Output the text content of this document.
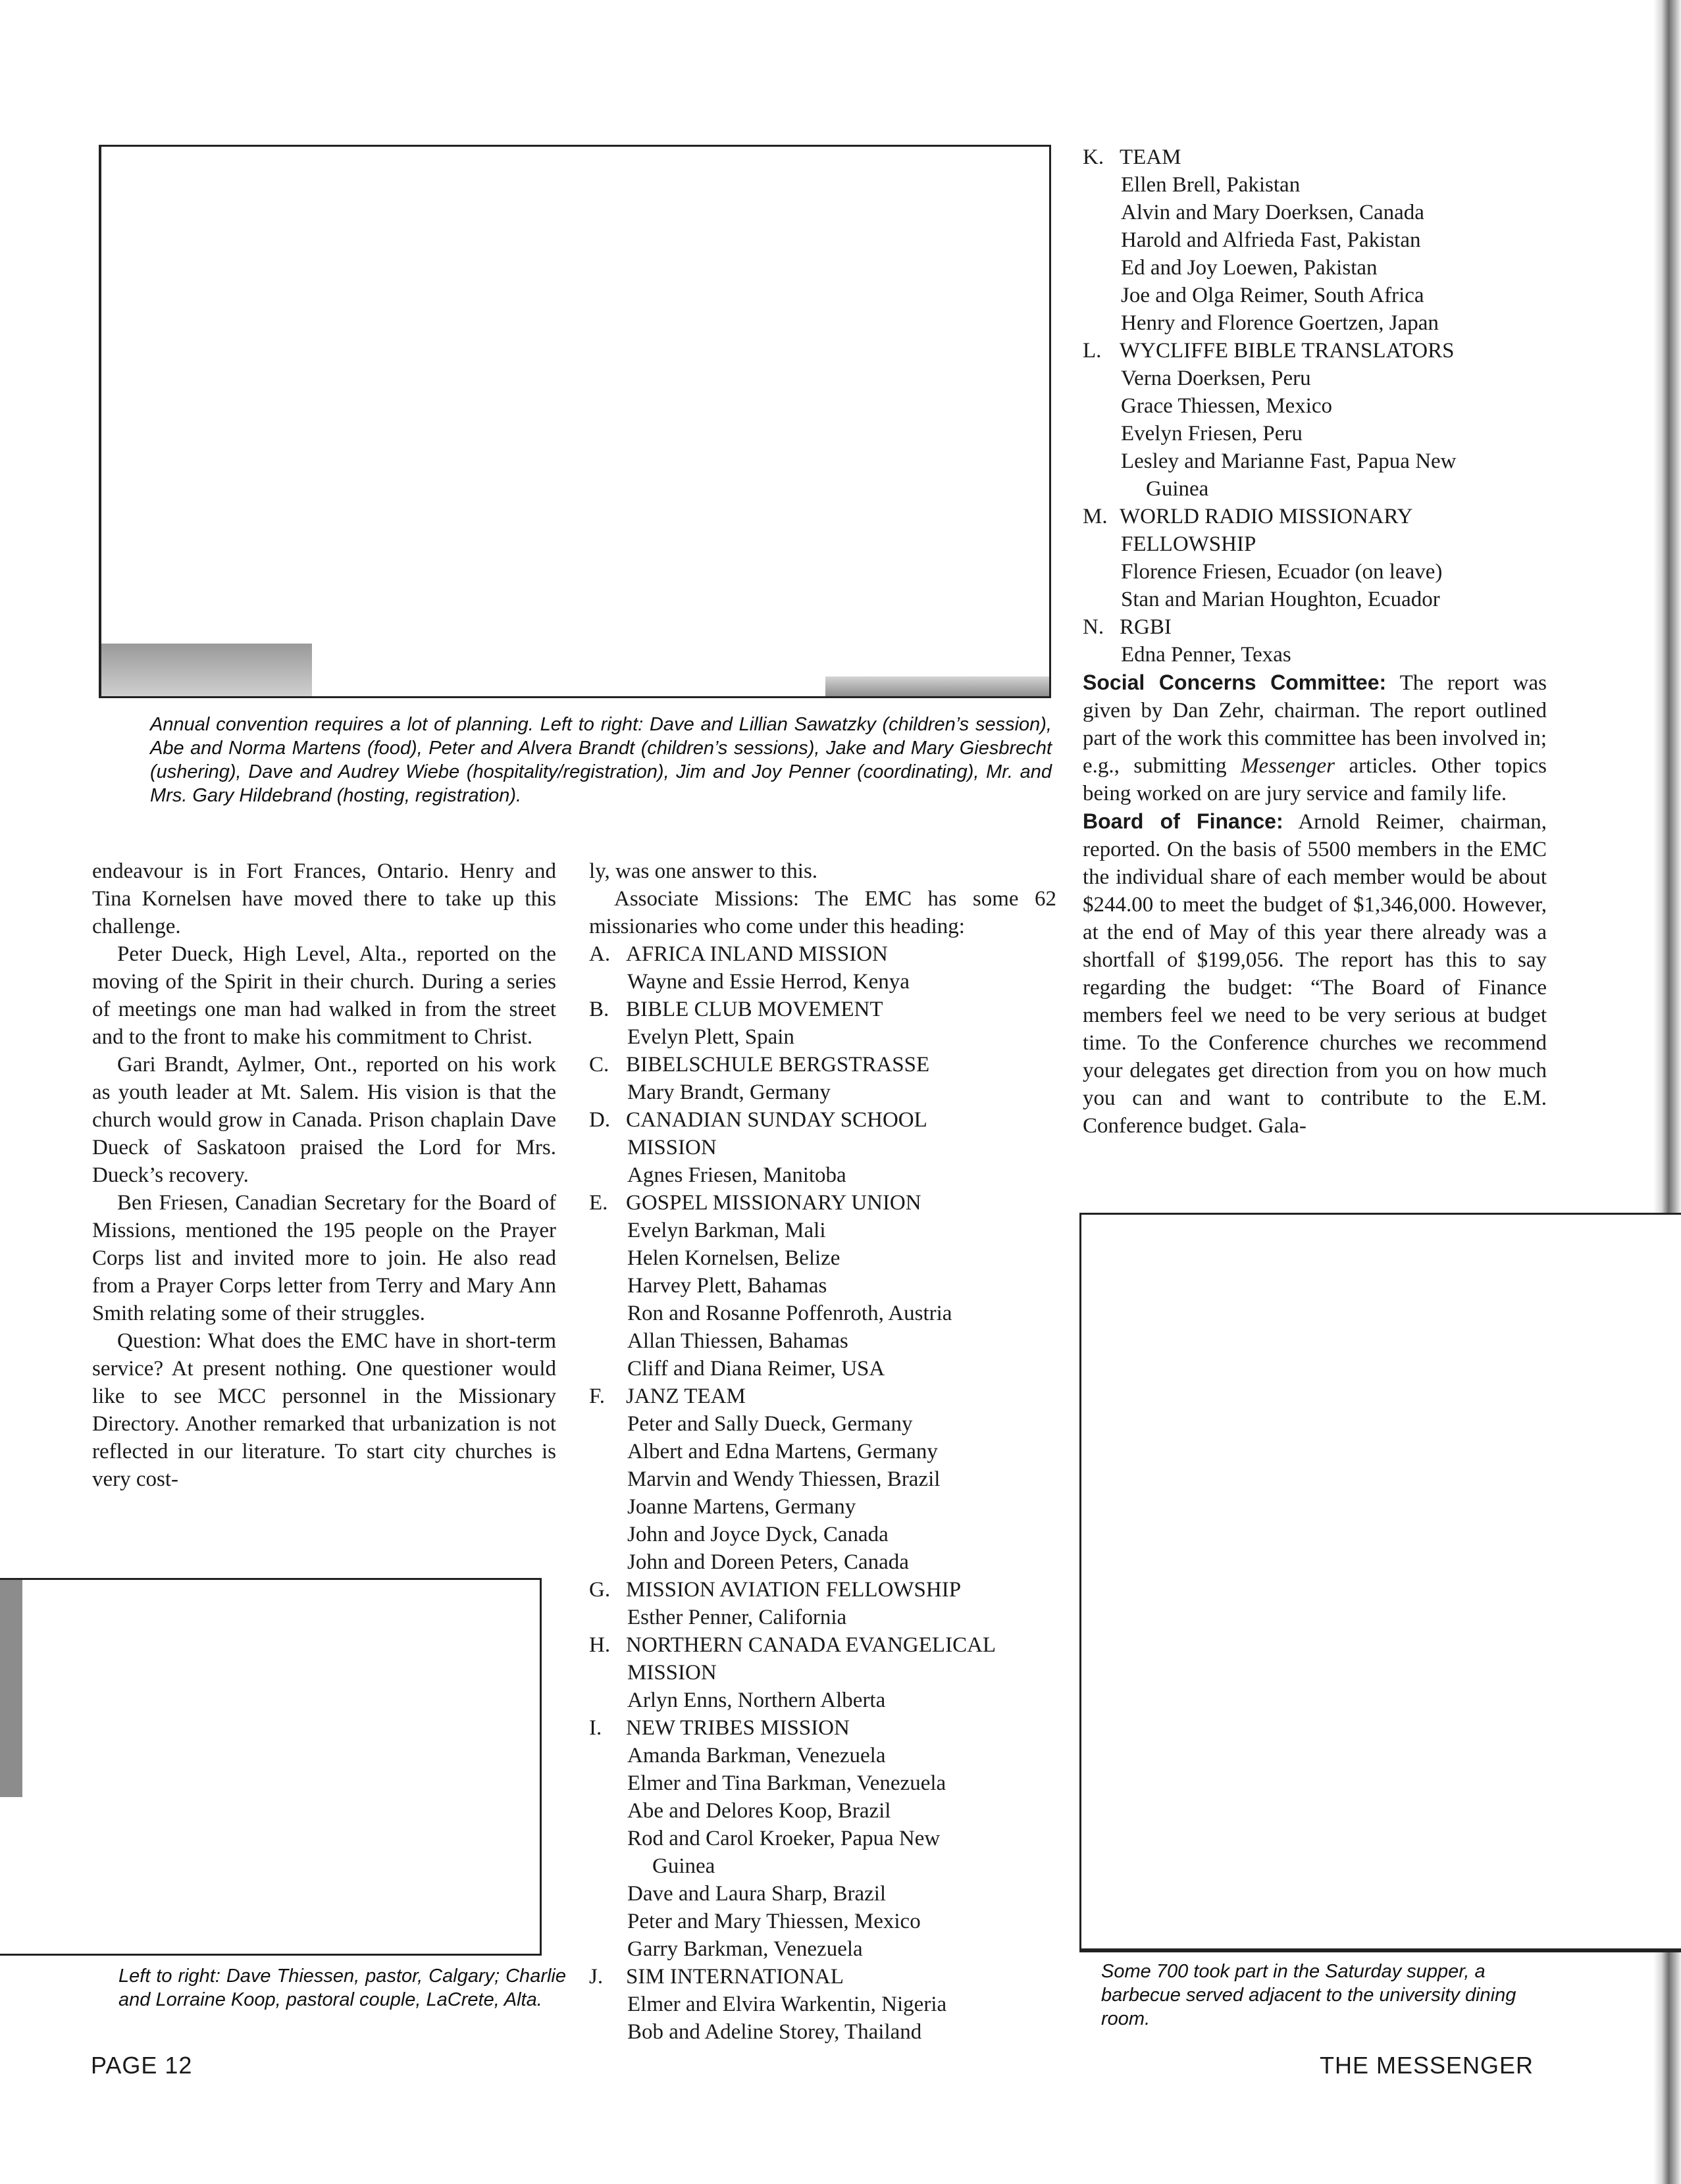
Annual convention requires a lot of planning. Left to right: Dave and Lillian Sawatzky (children’s session), Abe and Norma Martens (food), Peter and Alvera Brandt (children’s sessions), Jake and Mary Giesbrecht (ushering), Dave and Audrey Wiebe (hospitality/registration), Jim and Joy Penner (coordinating), Mr. and Mrs. Gary Hildebrand (hosting, registration).

endeavour is in Fort Frances, Ontario. Henry and Tina Kornelsen have moved there to take up this challenge.

Peter Dueck, High Level, Alta., reported on the moving of the Spirit in their church. During a series of meetings one man had walked in from the street and to the front to make his commitment to Christ.

Gari Brandt, Aylmer, Ont., reported on his work as youth leader at Mt. Salem. His vision is that the church would grow in Canada. Prison chaplain Dave Dueck of Saskatoon praised the Lord for Mrs. Dueck’s recovery.

Ben Friesen, Canadian Secretary for the Board of Missions, mentioned the 195 people on the Prayer Corps list and invited more to join. He also read from a Prayer Corps letter from Terry and Mary Ann Smith relating some of their struggles.

Question: What does the EMC have in short-term service? At present nothing. One questioner would like to see MCC personnel in the Missionary Directory. Another remarked that urbanization is not reflected in our literature. To start city churches is very cost-

Left to right: Dave Thiessen, pastor, Calgary; Charlie and Lorraine Koop, pastoral couple, LaCrete, Alta.

ly, was one answer to this.

Associate Missions: The EMC has some 62 missionaries who come under this heading:

A. AFRICA INLAND MISSION
Wayne and Essie Herrod, Kenya
B. BIBLE CLUB MOVEMENT
Evelyn Plett, Spain
C. BIBELSCHULE BERGSTRASSE
Mary Brandt, Germany
D. CANADIAN SUNDAY SCHOOL
MISSION
Agnes Friesen, Manitoba
E. GOSPEL MISSIONARY UNION
Evelyn Barkman, Mali
Helen Kornelsen, Belize
Harvey Plett, Bahamas
Ron and Rosanne Poffenroth, Austria
Allan Thiessen, Bahamas
Cliff and Diana Reimer, USA
F. JANZ TEAM
Peter and Sally Dueck, Germany
Albert and Edna Martens, Germany
Marvin and Wendy Thiessen, Brazil
Joanne Martens, Germany
John and Joyce Dyck, Canada
John and Doreen Peters, Canada
G. MISSION AVIATION FELLOWSHIP
Esther Penner, California
H. NORTHERN CANADA EVANGELICAL
MISSION
Arlyn Enns, Northern Alberta
I. NEW TRIBES MISSION
Amanda Barkman, Venezuela
Elmer and Tina Barkman, Venezuela
Abe and Delores Koop, Brazil
Rod and Carol Kroeker, Papua New
Guinea
Dave and Laura Sharp, Brazil
Peter and Mary Thiessen, Mexico
Garry Barkman, Venezuela
J. SIM INTERNATIONAL
Elmer and Elvira Warkentin, Nigeria
Bob and Adeline Storey, Thailand
K. TEAM
Ellen Brell, Pakistan
Alvin and Mary Doerksen, Canada
Harold and Alfrieda Fast, Pakistan
Ed and Joy Loewen, Pakistan
Joe and Olga Reimer, South Africa
Henry and Florence Goertzen, Japan
L. WYCLIFFE BIBLE TRANSLATORS
Verna Doerksen, Peru
Grace Thiessen, Mexico
Evelyn Friesen, Peru
Lesley and Marianne Fast, Papua New
Guinea
M. WORLD RADIO MISSIONARY
FELLOWSHIP
Florence Friesen, Ecuador (on leave)
Stan and Marian Houghton, Ecuador
N. RGBI
Edna Penner, Texas

Social Concerns Committee: The report was given by Dan Zehr, chairman. The report outlined part of the work this committee has been involved in; e.g., submitting Messenger articles. Other topics being worked on are jury service and family life.

Board of Finance: Arnold Reimer, chairman, reported. On the basis of 5500 members in the EMC the individual share of each member would be about $244.00 to meet the budget of $1,346,000. However, at the end of May of this year there already was a shortfall of $199,056. The report has this to say regarding the budget: “The Board of Finance members feel we need to be very serious at budget time. To the Conference churches we recommend your delegates get direction from you on how much you can and want to contribute to the E.M. Conference budget. Gala-

Some 700 took part in the Saturday supper, a barbecue served adjacent to the university dining room.
PAGE 12	THE MESSENGER
